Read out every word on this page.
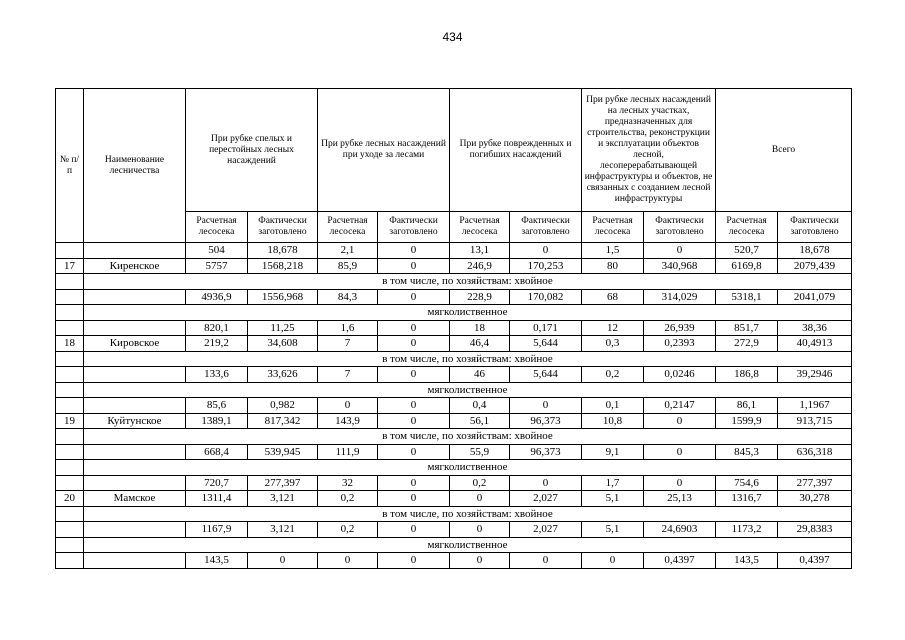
434
№ п/п	Наименование лесничества	При рубке спелых и перестойных лесных насаждений		При рубке лесных насаждений при уходе за лесами		При рубке поврежденных и погибших насаждений		При рубке лесных насаждений на лесных участках, предназначенных для строительства, реконструкции и эксплуатации объектов лесной, лесоперерабатывающей инфраструктуры и объектов, не связанных с созданием лесной инфраструктуры		Всего	
		Расчетная лесосека	Фактически заготовлено	Расчетная лесосека	Фактически заготовлено	Расчетная лесосека	Фактически заготовлено	Расчетная лесосека	Фактически заготовлено	Расчетная лесосека	Фактически заготовлено
		504	18,678	2,1	0	13,1	0	1,5	0	520,7	18,678
17	Киренское	5757	1568,218	85,9	0	246,9	170,253	80	340,968	6169,8	2079,439
	в том числе, по хозяйствам: хвойное										
		4936,9	1556,968	84,3	0	228,9	170,082	68	314,029	5318,1	2041,079
	мягколиственное										
		820,1	11,25	1,6	0	18	0,171	12	26,939	851,7	38,36
18	Кировское	219,2	34,608	7	0	46,4	5,644	0,3	0,2393	272,9	40,4913
	в том числе, по хозяйствам: хвойное										
		133,6	33,626	7	0	46	5,644	0,2	0,0246	186,8	39,2946
	мягколиственное										
		85,6	0,982	0	0	0,4	0	0,1	0,2147	86,1	1,1967
19	Куйтунское	1389,1	817,342	143,9	0	56,1	96,373	10,8	0	1599,9	913,715
	в том числе, по хозяйствам: хвойное										
		668,4	539,945	111,9	0	55,9	96,373	9,1	0	845,3	636,318
	мягколиственное										
		720,7	277,397	32	0	0,2	0	1,7	0	754,6	277,397
20	Мамское	1311,4	3,121	0,2	0	0	2,027	5,1	25,13	1316,7	30,278
	в том числе, по хозяйствам: хвойное										
		1167,9	3,121	0,2	0	0	2,027	5,1	24,6903	1173,2	29,8383
	мягколиственное										
		143,5	0	0	0	0	0	0	0,4397	143,5	0,4397
